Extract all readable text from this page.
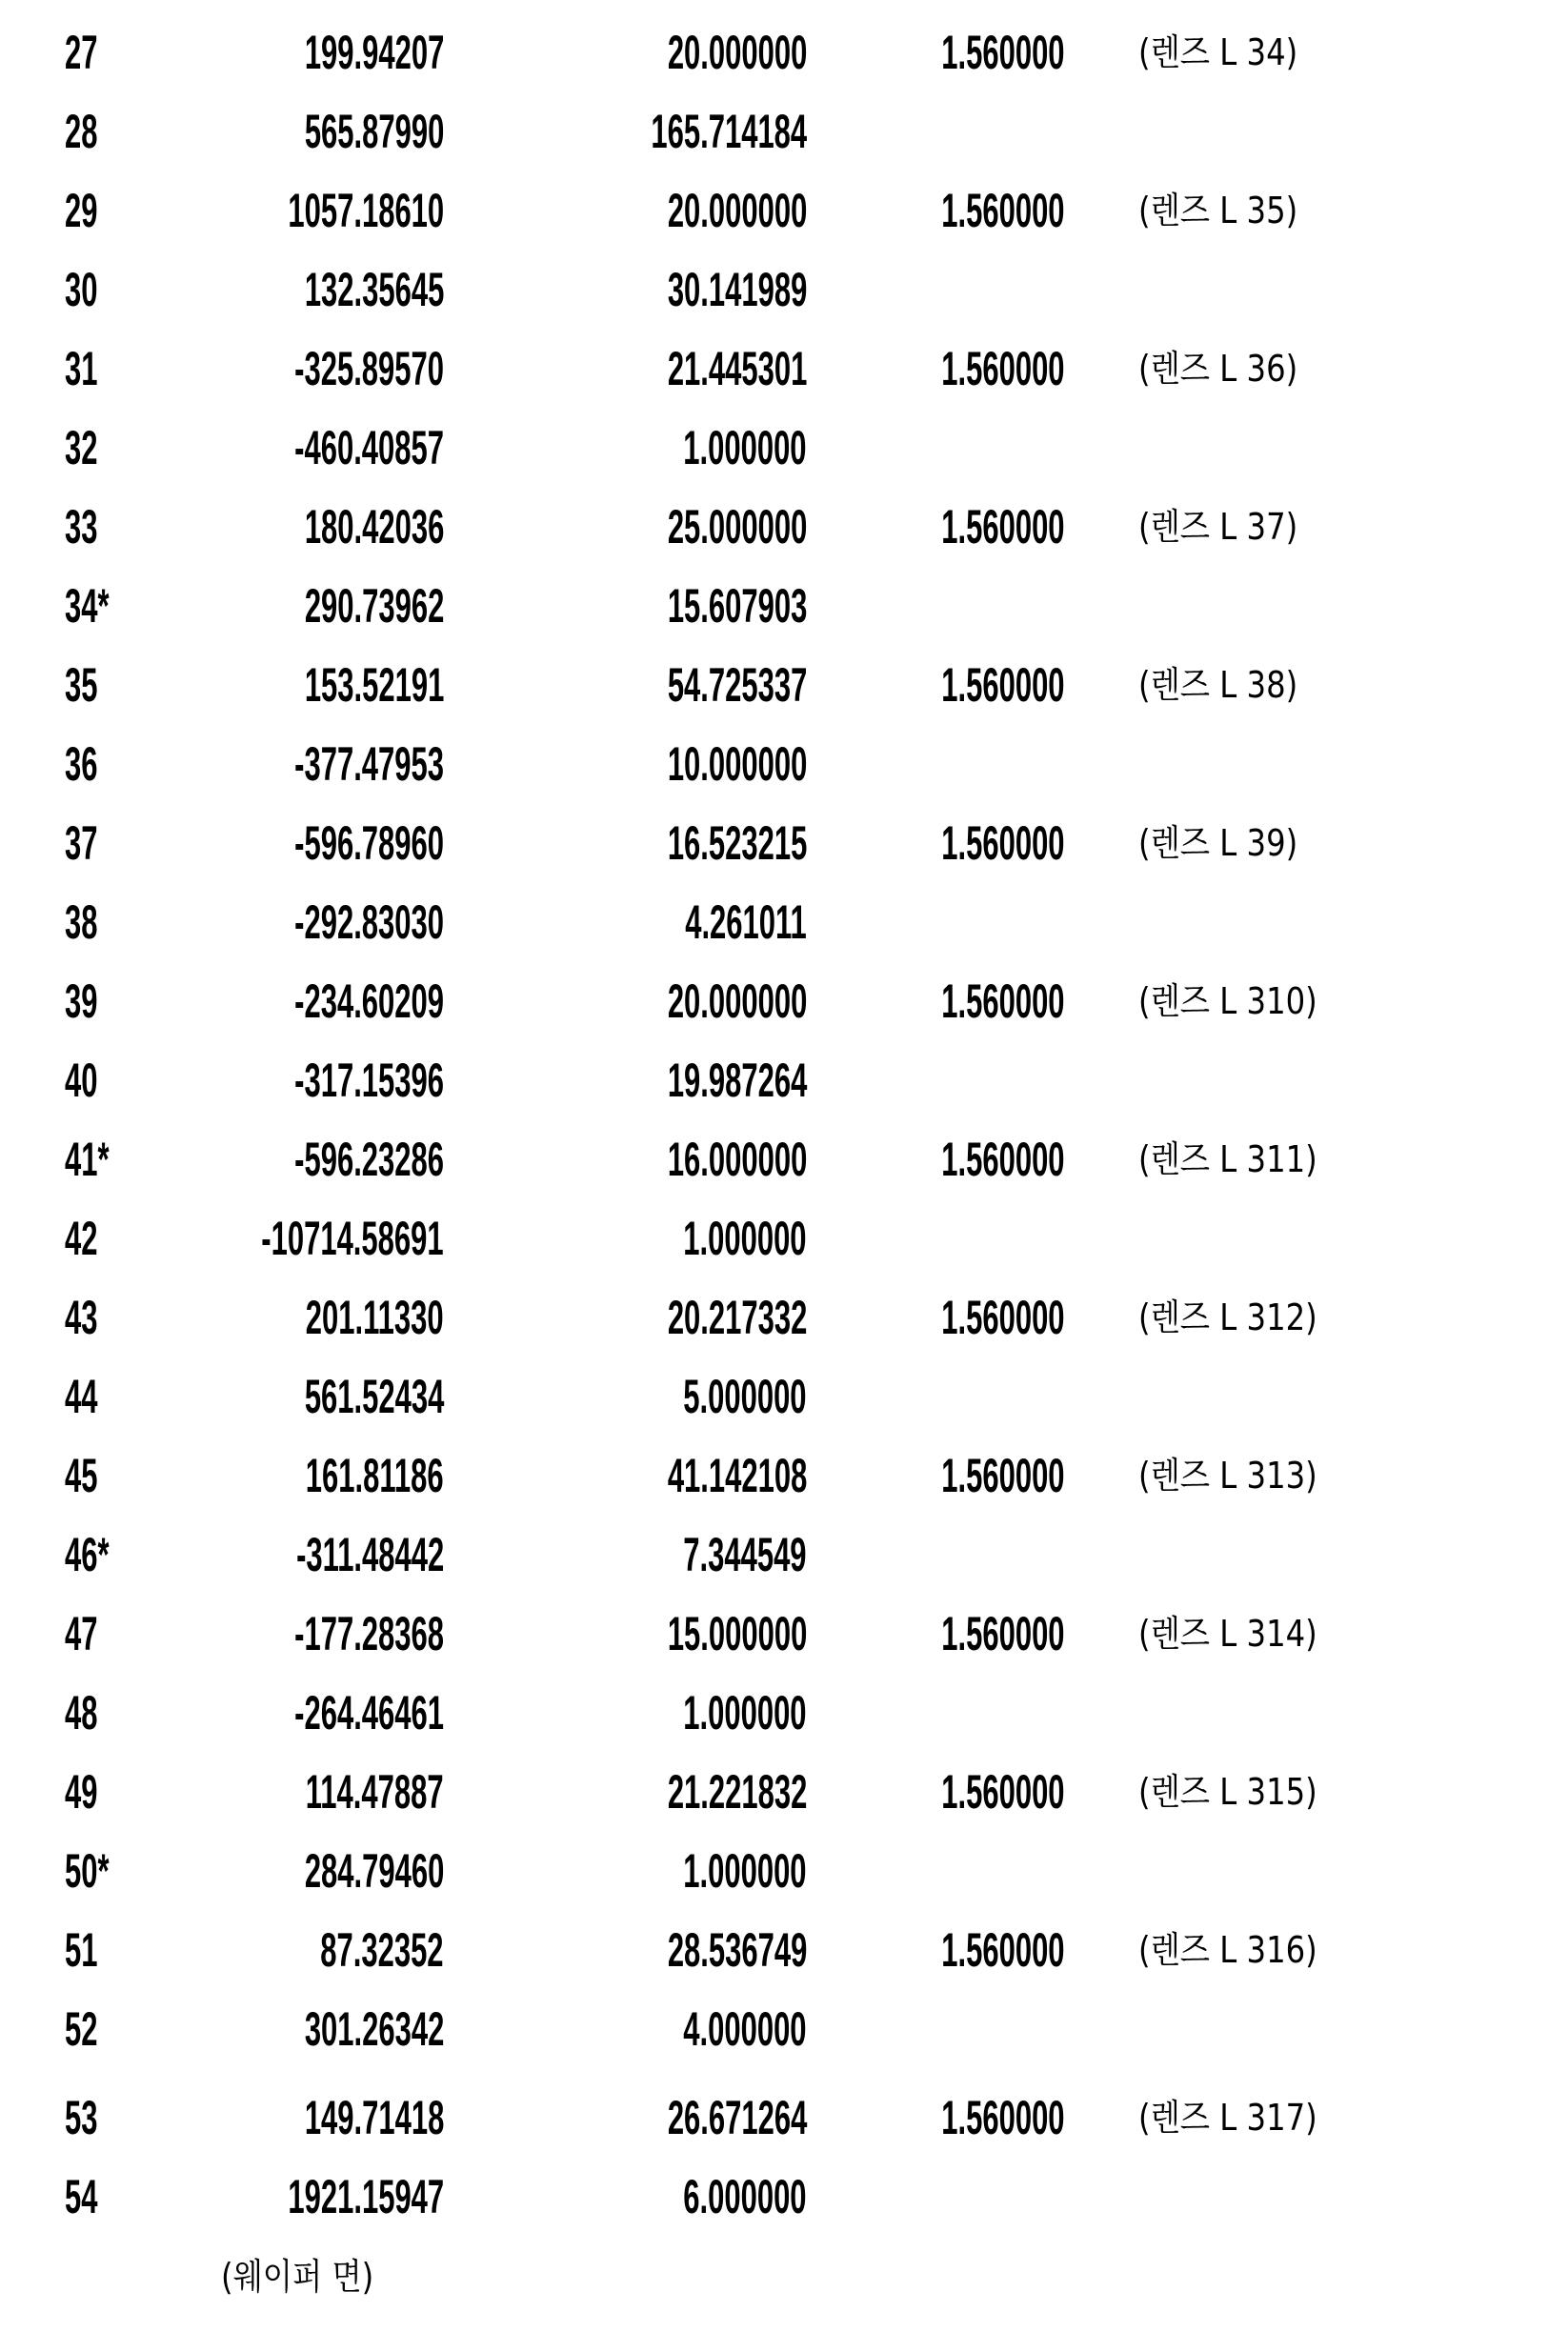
27	199.94207	20.000000	1.560000 (렌즈 L 34)
28	565.87990	165.714184
29	1057.18610	20.000000	1.560000 (렌즈 L 35)
30	132.35645	30.141989
31	-325.89570	21.445301	1.560000 (렌즈 L 36)
32	-460.40857	1.000000
33	180.42036	25.000000	1.560000 (렌즈 L 37)
34*	290.73962	15.607903
35	153.52191	54.725337	1.560000 (렌즈 L 38)
36	-377.47953	10.000000
37	-596.78960	16.523215	1.560000 (렌즈 L 39)
38	-292.83030	4.261011
39	-234.60209	20.000000	1.560000 (렌즈 L 310)
40	-317.15396	19.987264
41*	-596.23286	16.000000	1.560000 (렌즈 L 311)
42	-10714.58691	1.000000
43	201.11330	20.217332	1.560000 (렌즈 L 312)
44	561.52434	5.000000
45	161.81186	41.142108	1.560000 (렌즈 L 313)
46*	-311.48442	7.344549
47	-177.28368	15.000000	1.560000 (렌즈 L 314)
48	-264.46461	1.000000
49	114.47887	21.221832	1.560000 (렌즈 L 315)
50*	284.79460	1.000000
51	87.32352	28.536749	1.560000 (렌즈 L 316)
52	301.26342	4.000000
53	149.71418	26.671264	1.560000 (렌즈 L 317)
54	1921.15947	6.000000
(웨이퍼 면)
